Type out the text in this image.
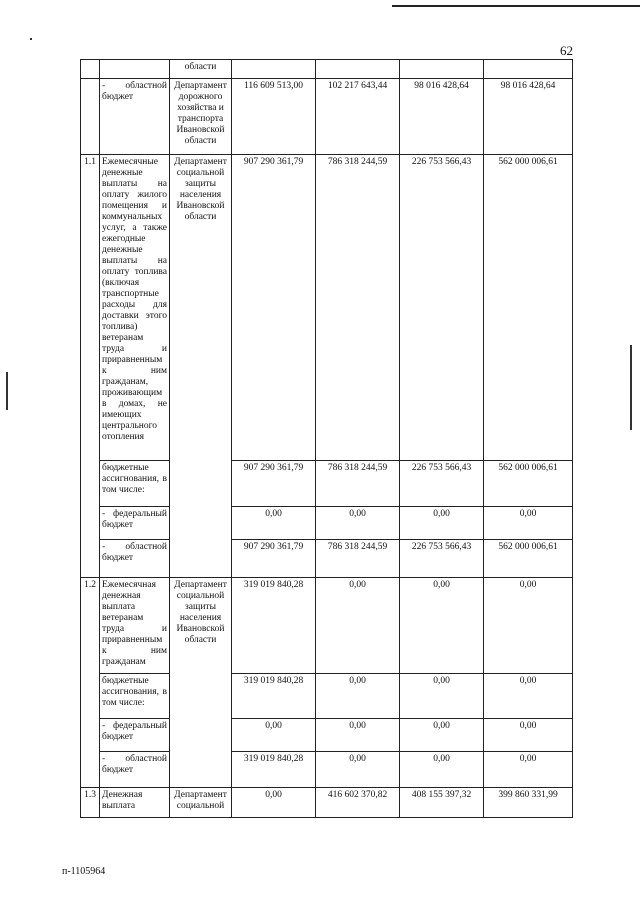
62
		области				
	- областной бюджет	Департамент дорожного хозяйства и транспорта Ивановской области	116 609 513,00	102 217 643,44	98 016 428,64	98 016 428,64
1.1	Ежемесячные денежные выплаты на оплату жилого помещения и коммунальных услуг, а также ежегодные денежные выплаты на оплату топлива (включая транспортные расходы для доставки этого топлива) ветеранам труда и приравненным к ним гражданам, проживающим в домах, не имеющих центрального отопления	Департамент социальной защиты населения Ивановской области	907 290 361,79	786 318 244,59	226 753 566,43	562 000 006,61
	бюджетные ассигнования, в том числе:		907 290 361,79	786 318 244,59	226 753 566,43	562 000 006,61
	- федеральный бюджет		0,00	0,00	0,00	0,00
	- областной бюджет		907 290 361,79	786 318 244,59	226 753 566,43	562 000 006,61
1.2	Ежемесячная денежная выплата ветеранам труда и приравненным к ним гражданам	Департамент социальной защиты населения Ивановской области	319 019 840,28	0,00	0,00	0,00
	бюджетные ассигнования, в том числе:		319 019 840,28	0,00	0,00	0,00
	- федеральный бюджет		0,00	0,00	0,00	0,00
	- областной бюджет		319 019 840,28	0,00	0,00	0,00
1.3	Денежная выплата	Департамент социальной	0,00	416 602 370,82	408 155 397,32	399 860 331,99
п-1105964
